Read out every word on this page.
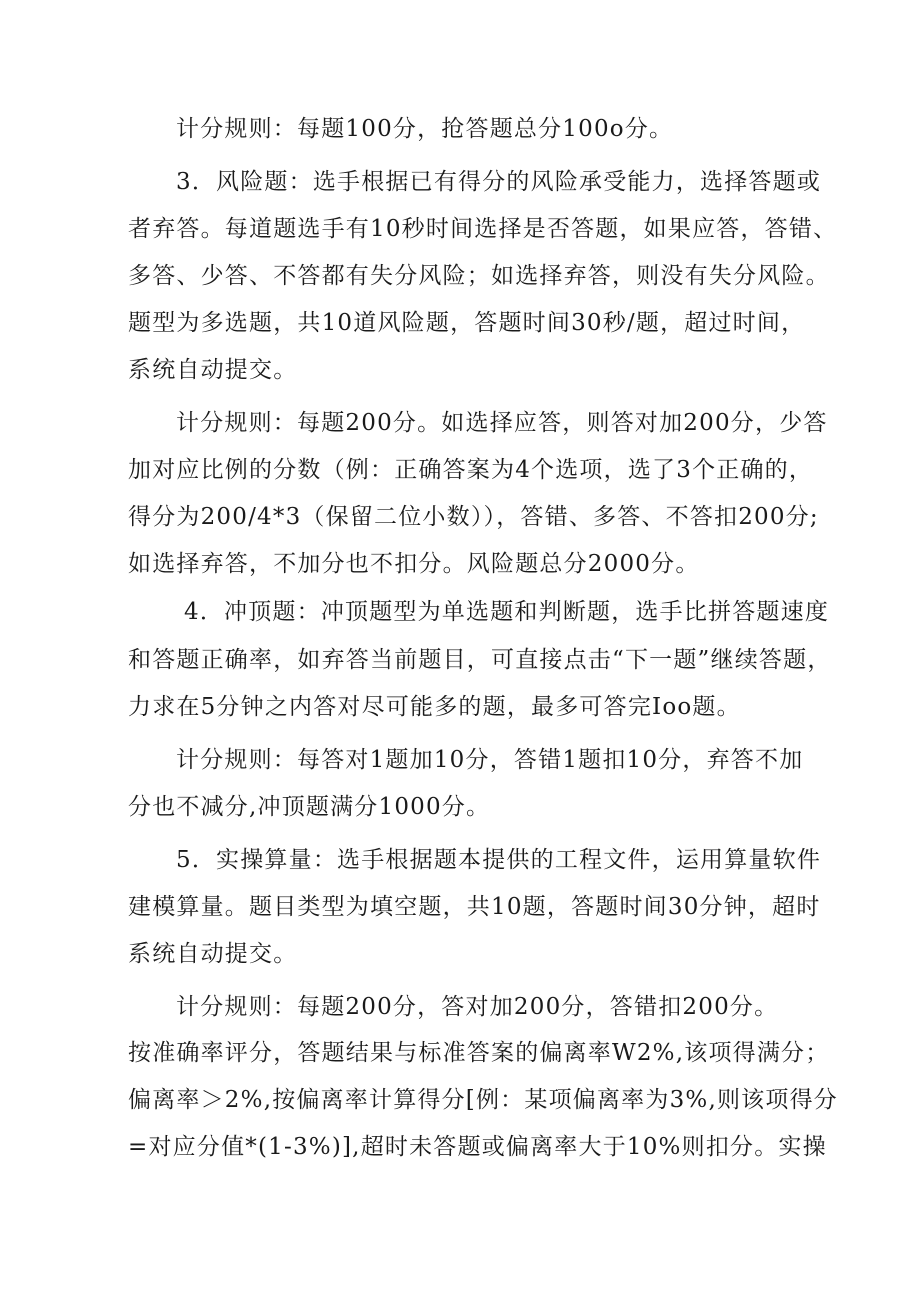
计分规则：每题100分，抢答题总分100o分。

3．风险题：选手根据已有得分的风险承受能力，选择答题或

者弃答。每道题选手有10秒时间选择是否答题，如果应答，答错、

多答、少答、不答都有失分风险；如选择弃答，则没有失分风险。

题型为多选题，共10道风险题，答题时间30秒/题，超过时间，

系统自动提交。

计分规则：每题200分。如选择应答，则答对加200分，少答

加对应比例的分数（例：正确答案为4个选项，选了3个正确的，

得分为200/4*3（保留二位小数）），答错、多答、不答扣200分;

如选择弃答，不加分也不扣分。风险题总分2000分。

4．冲顶题：冲顶题型为单选题和判断题，选手比拼答题速度

和答题正确率，如弃答当前题目，可直接点击“下一题”继续答题，

力求在5分钟之内答对尽可能多的题，最多可答完Ioo题。

计分规则：每答对1题加10分，答错1题扣10分，弃答不加

分也不减分,冲顶题满分1000分。

5．实操算量：选手根据题本提供的工程文件，运用算量软件

建模算量。题目类型为填空题，共10题，答题时间30分钟，超时

系统自动提交。

计分规则：每题200分，答对加200分，答错扣200分。

按准确率评分，答题结果与标准答案的偏离率W2%,该项得满分；

偏离率＞2%,按偏离率计算得分[例：某项偏离率为3%,则该项得分

=对应分值*(1-3%)],超时未答题或偏离率大于10%则扣分。实操
